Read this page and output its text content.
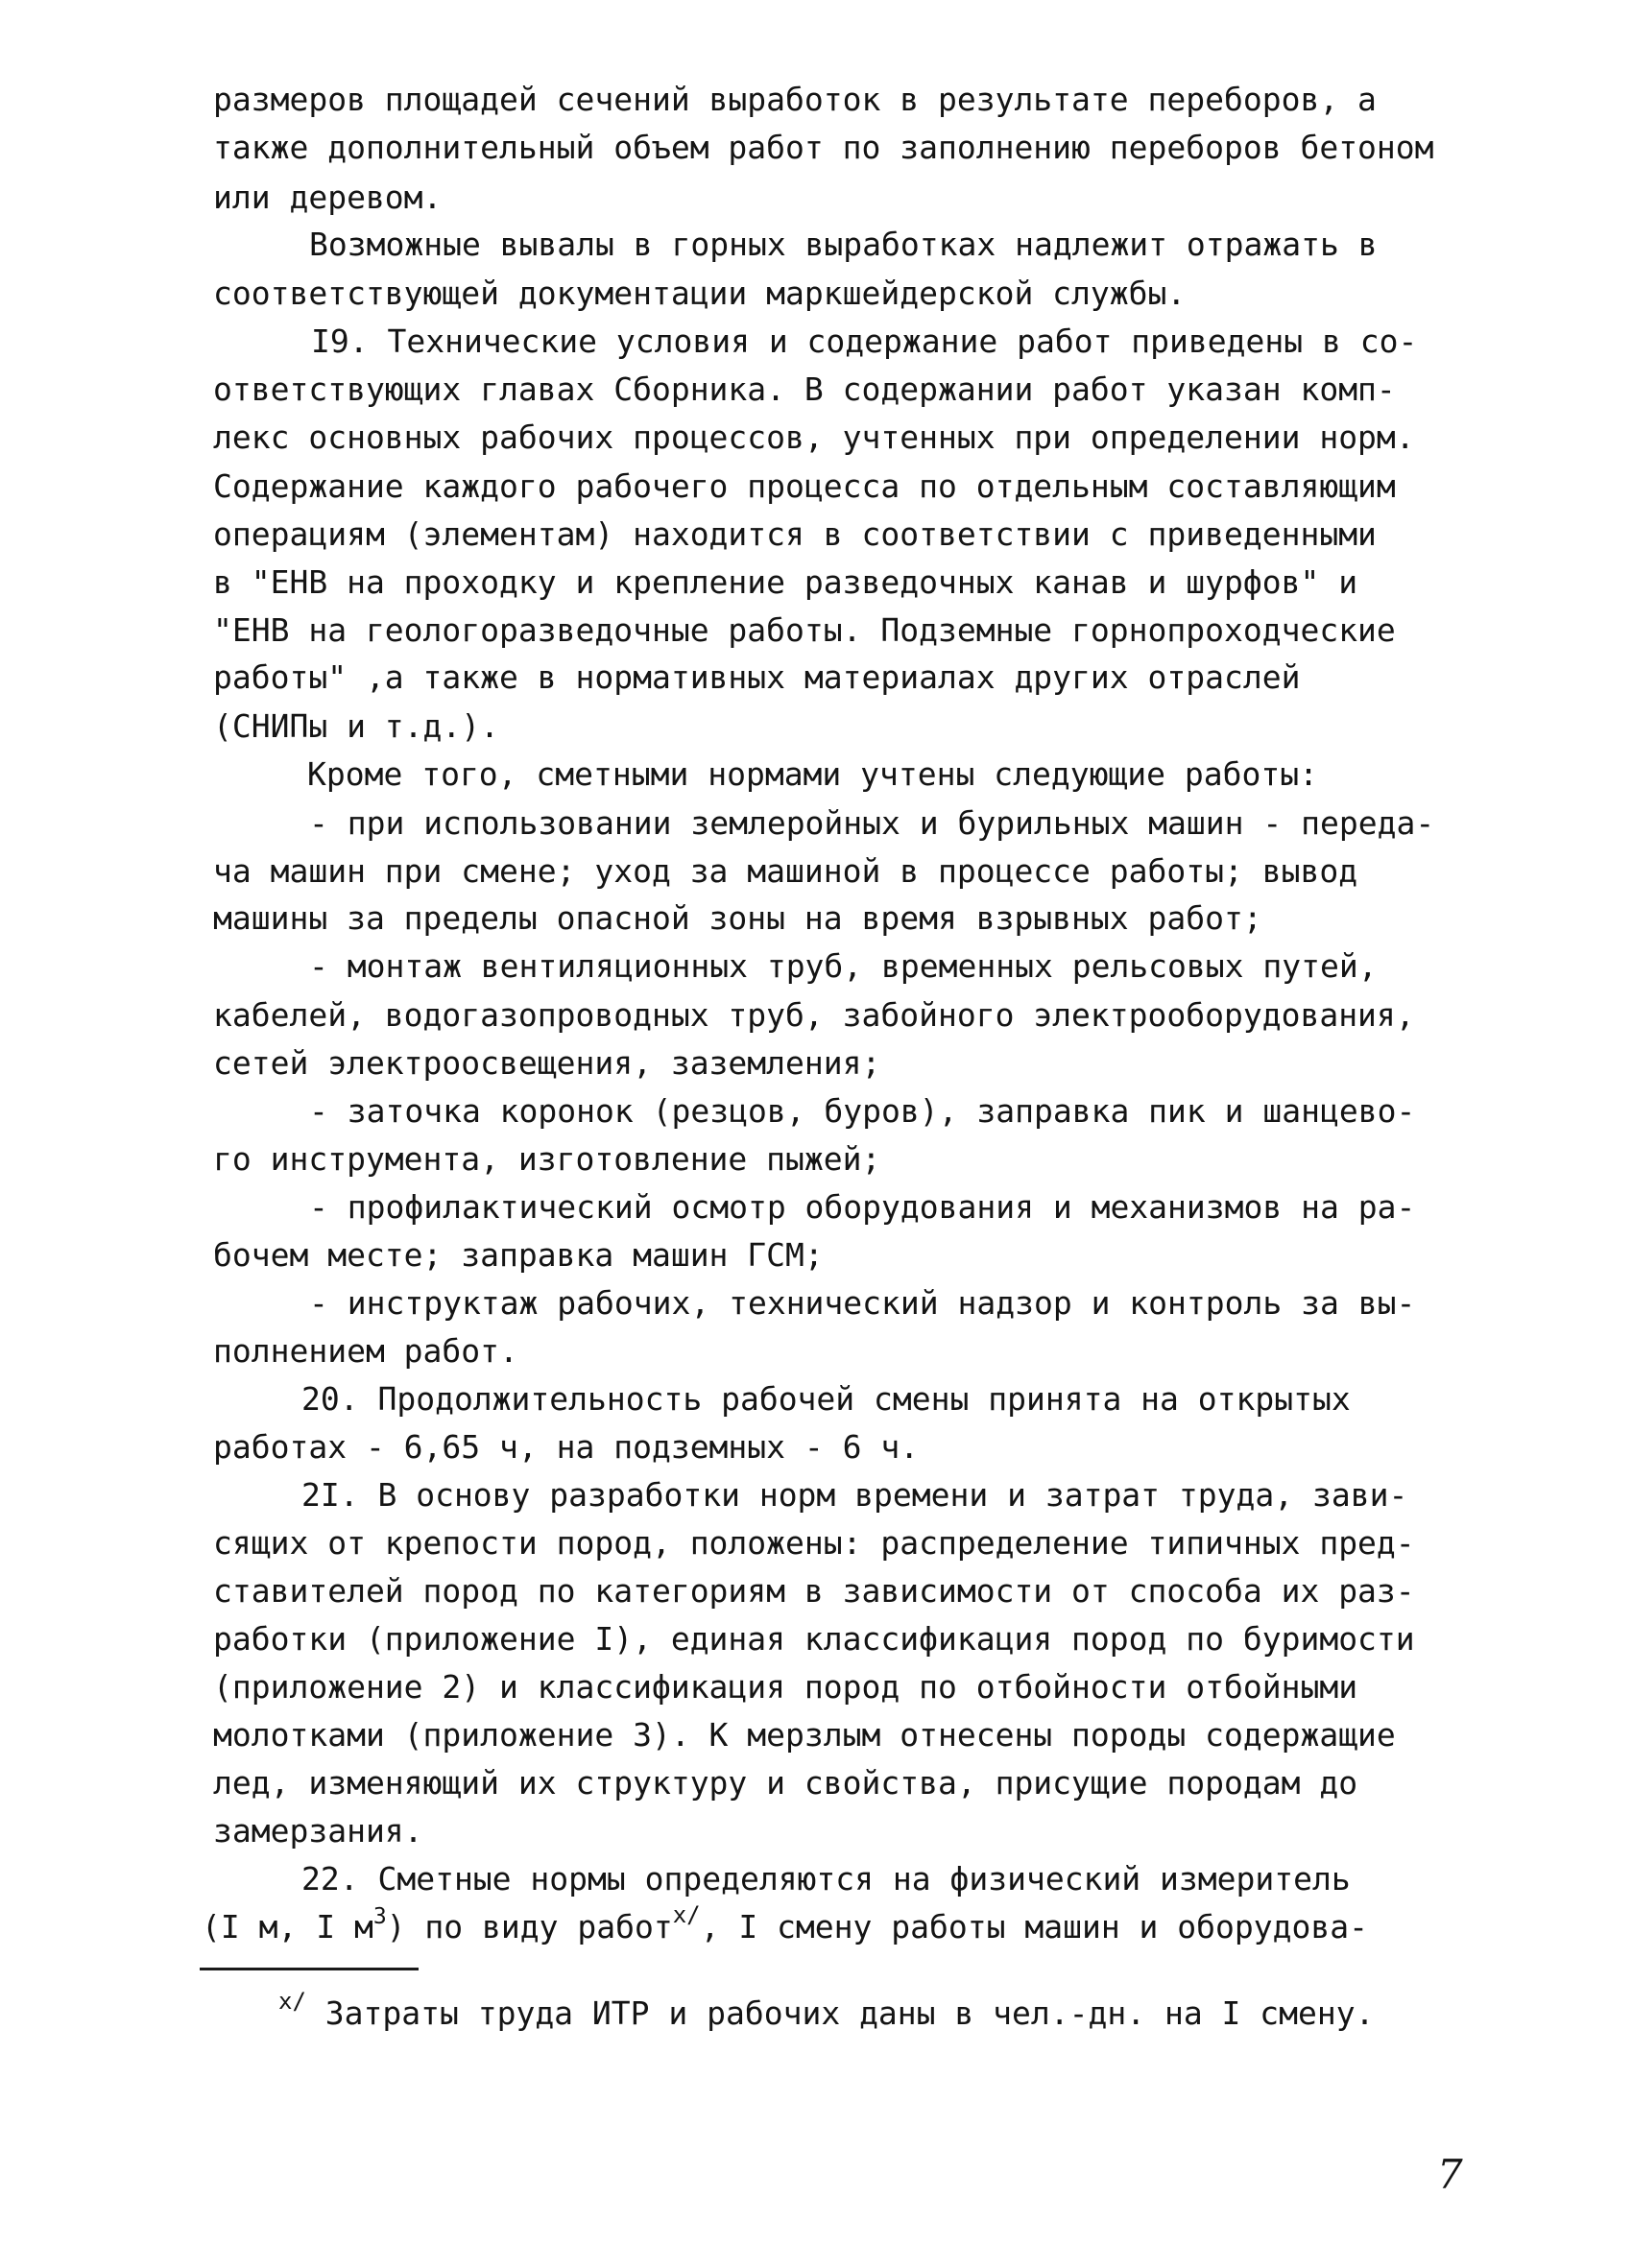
размеров площадей сечений выработок в результате переборов, а
также дополнительный объем работ по заполнению переборов бетоном
или деревом.
Возможные вывалы в горных выработках надлежит отражать в
соответствующей документации маркшейдерской службы.
I9. Технические условия и содержание работ приведены в со-
ответствующих главах Сборника. В содержании работ указан комп-
лекс основных рабочих процессов, учтенных при определении норм.
Содержание каждого рабочего процесса по отдельным составляющим
операциям (элементам) находится в соответствии с приведенными
в "ЕНВ на проходку и крепление разведочных канав и шурфов" и
"ЕНВ на геологоразведочные работы. Подземные горнопроходческие
работы" ,а также в нормативных материалах других отраслей
(СНИПы и т.д.).
Кроме того, сметными нормами учтены следующие работы:
- при использовании землеройных и бурильных машин - переда-
ча машин при смене; уход за машиной в процессе работы; вывод
машины за пределы опасной зоны на время взрывных работ;
- монтаж вентиляционных труб, временных рельсовых путей,
кабелей, водогазопроводных труб, забойного электрооборудования,
сетей электроосвещения, заземления;
- заточка коронок (резцов, буров), заправка пик и шанцево-
го инструмента, изготовление пыжей;
- профилактический осмотр оборудования и механизмов на ра-
бочем месте; заправка машин ГСМ;
- инструктаж рабочих, технический надзор и контроль за вы-
полнением работ.
20. Продолжительность рабочей смены принята на открытых
работах - 6,65 ч, на подземных - 6 ч.
2I. В основу разработки норм времени и затрат труда, зави-
сящих от крепости пород, положены: распределение типичных пред-
ставителей пород по категориям в зависимости от способа их раз-
работки (приложение I), единая классификация пород по буримости
(приложение 2) и классификация пород по отбойности отбойными
молотками (приложение 3). К мерзлым отнесены породы содержащие
лед, изменяющий их структуру и свойства, присущие породам до
замерзания.
22. Сметные нормы определяются на физический измеритель
(I м, I $м^3$) по виду работ$^{x/}$, I смену работы машин и оборудова-
$^{x/}$ Затраты труда ИТР и рабочих даны в чел.-дн. на I смену.
7
